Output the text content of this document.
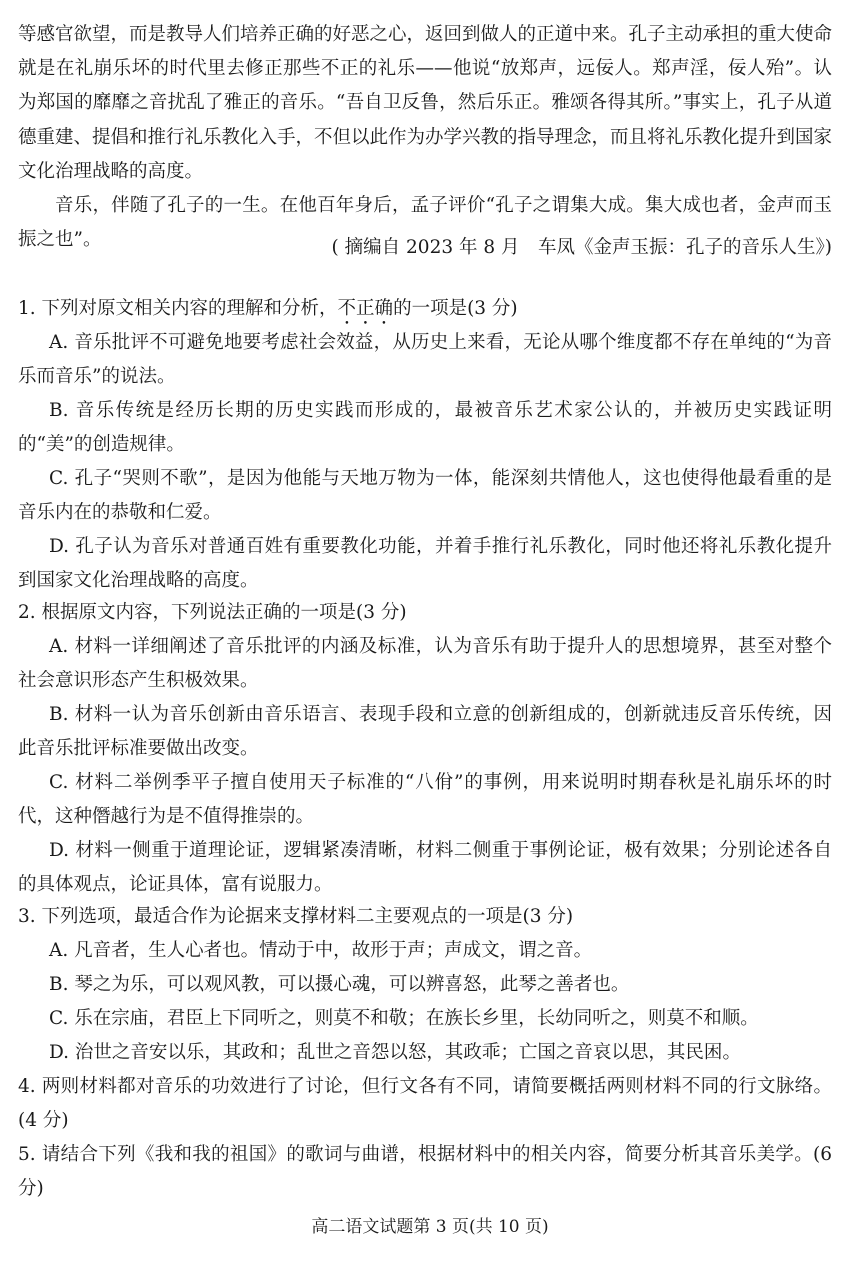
等感官欲望，而是教导人们培养正确的好恶之心，返回到做人的正道中来。孔子主动承担的重大使命就是在礼崩乐坏的时代里去修正那些不正的礼乐——他说“放郑声，远佞人。郑声淫，佞人殆”。认为郑国的靡靡之音扰乱了雅正的音乐。“吾自卫反鲁，然后乐正。雅颂各得其所。”事实上，孔子从道德重建、提倡和推行礼乐教化入手，不但以此作为办学兴教的指导理念，而且将礼乐教化提升到国家文化治理战略的高度。

音乐，伴随了孔子的一生。在他百年身后，孟子评价“孔子之谓集大成。集大成也者，金声而玉振之也”。	( 摘编自 2023 年 8 月　车凤《金声玉振：孔子的音乐人生》)

1. 下列对原文相关内容的理解和分析，不正确的一项是(3 分)

A. 音乐批评不可避免地要考虑社会效益，从历史上来看，无论从哪个维度都不存在单纯的“为音乐而音乐”的说法。

B. 音乐传统是经历长期的历史实践而形成的，最被音乐艺术家公认的，并被历史实践证明的“美”的创造规律。

C. 孔子“哭则不歌”，是因为他能与天地万物为一体，能深刻共情他人，这也使得他最看重的是音乐内在的恭敬和仁爱。

D. 孔子认为音乐对普通百姓有重要教化功能，并着手推行礼乐教化，同时他还将礼乐教化提升到国家文化治理战略的高度。

2. 根据原文内容，下列说法正确的一项是(3 分)

A. 材料一详细阐述了音乐批评的内涵及标准，认为音乐有助于提升人的思想境界，甚至对整个社会意识形态产生积极效果。

B. 材料一认为音乐创新由音乐语言、表现手段和立意的创新组成的，创新就违反音乐传统，因此音乐批评标准要做出改变。

C. 材料二举例季平子擅自使用天子标准的“八佾”的事例，用来说明时期春秋是礼崩乐坏的时代，这种僭越行为是不值得推崇的。

D. 材料一侧重于道理论证，逻辑紧凑清晰，材料二侧重于事例论证，极有效果；分别论述各自的具体观点，论证具体，富有说服力。

3. 下列选项，最适合作为论据来支撑材料二主要观点的一项是(3 分)

A. 凡音者，生人心者也。情动于中，故形于声；声成文，谓之音。

B. 琴之为乐，可以观风教，可以摄心魂，可以辨喜怒，此琴之善者也。

C. 乐在宗庙，君臣上下同听之，则莫不和敬；在族长乡里，长幼同听之，则莫不和顺。

D. 治世之音安以乐，其政和；乱世之音怨以怒，其政乖；亡国之音哀以思，其民困。

4. 两则材料都对音乐的功效进行了讨论，但行文各有不同，请简要概括两则材料不同的行文脉络。(4 分)

5. 请结合下列《我和我的祖国》的歌词与曲谱，根据材料中的相关内容，简要分析其音乐美学。(6 分)

高二语文试题第 3 页(共 10 页)
